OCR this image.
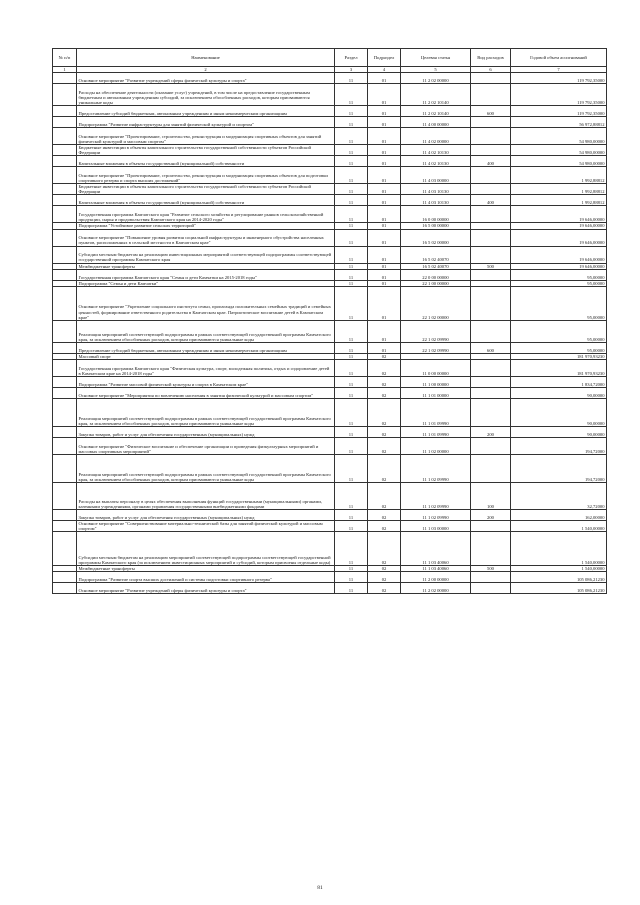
№ п/п	Наименование	Раздел	Подраздел	Целевая статья	Вид расходов	Годовой объем ассигнований
1	2	3	4	5	6	7
	Основное мероприятие "Развитие учреждений сферы физической культуры и спорта"	11	01	11 2 02 00000		119 792,35000
	Расходы на обеспечение деятельности (оказание услуг) учреждений, в том числе на предоставление государственным бюджетным и автономным учреждениям субсидий, за исключением обособленных расходов, которым присваиваются уникальные коды	11	01	11 2 02 10140		119 792,35000
	Предоставление субсидий бюджетным, автономным учреждениям и иным некоммерческим организациям	11	01	11 2 02 10140	600	119 792,35000
	Подпрограмма "Развитие инфраструктуры для занятий физической культурой и спортом"	11	01	11 4 00 00000		56 972,88812
	Основное мероприятие "Проектирование, строительство, реконструкция и модернизация спортивных объектов для занятий физической культурой и массовым спортом"	11	01	11 4 02 00000		54 980,00000
	Бюджетные инвестиции в объекты капитального строительства государственной собственности субъектов Российской Федерации	11	01	11 4 02 10130		54 980,00000
	Капитальные вложения в объекты государственной (муниципальной) собственности	11	01	11 4 02 10130	400	54 980,00000
	Основное мероприятие "Проектирование, строительство, реконструкция и модернизация спортивных объектов для подготовки спортивного резерва и спорта высших достижений"	11	01	11 4 03 00000		1 992,88812
	Бюджетные инвестиции в объекты капитального строительства государственной собственности субъектов Российской Федерации	11	01	11 4 03 10130		1 992,88812
	Капитальные вложения в объекты государственной (муниципальной) собственности	11	01	11 4 03 10130	400	1 992,88812
	Государственная программа Камчатского края "Развитие сельского хозяйства и регулирование рынков сельскохозяйственной продукции, сырья и продовольствия Камчатского края на 2014-2020 годы"	11	01	16 0 00 00000		19 646,00000
	Подпрограмма "Устойчивое развитие сельских территорий"	11	01	16 5 00 00000		19 646,00000
	Основное мероприятие "Повышение уровня развития социальной инфраструктуры и инженерного обустройства населенных пунктов, расположенных в сельской местности в Камчатском крае"	11	01	16 5 02 00000		19 646,00000
	Субсидии местным бюджетам на реализацию инвестиционных мероприятий соответствующей подпрограммы соответствующей государственной программы Камчатского края	11	01	16 5 02 40070		19 646,00000
	Межбюджетные трансферты	11	01	16 5 02 40070	500	19 646,00000
	Государственная программа Камчатского края "Семья и дети Камчатки на 2015-2018 годы"	11	01	22 0 00 00000		95,00000
	Подпрограмма "Семья и дети Камчатки"	11	01	22 1 00 00000		95,00000
	Основное мероприятие "Укрепление социального института семьи, пропаганда положительных семейных традиций и семейных ценностей, формирование ответственного родительства в Камчатском крае. Патриотическое воспитание детей в Камчатском крае"	11	01	22 1 02 00000		95,00000
	Реализация мероприятий соответствующей подпрограммы в рамках соответствующей государственной программы Камчатского края, за исключением обособленных расходов, которым присваиваются уникальные коды	11	01	22 1 02 09990		95,00000
	Предоставление субсидий бюджетным, автономным учреждениям и иным некоммерческим организациям	11	01	22 1 02 09990	600	95,00000
	Массовый спорт	11	02			181 970,93230
	Государственная программа Камчатского края "Физическая культура, спорт, молодежная политика, отдых и оздоровление детей в Камчатском крае на 2014-2018 годы"	11	02	11 0 00 00000		181 970,93230
	Подпрограмма "Развитие массовой физической культуры и спорта в Камчатском крае"	11	02	11 1 00 00000		1 834,72000
	Основное мероприятие "Мероприятия по вовлечению населения в занятия физической культурой и массовым спортом"	11	02	11 1 01 00000		90,00000
	Реализация мероприятий соответствующей подпрограммы в рамках соответствующей государственной программы Камчатского края, за исключением обособленных расходов, которым присваиваются уникальные коды	11	02	11 1 01 09990		90,00000
	Закупка товаров, работ и услуг для обеспечения государственных (муниципальных) нужд	11	02	11 1 01 09990	200	90,00000
	Основное мероприятие "Физическое воспитание и обеспечение организации и проведения физкультурных мероприятий и массовых спортивных мероприятий"	11	02	11 1 02 00000		194,72000
	Реализация мероприятий соответствующей подпрограммы в рамках соответствующей государственной программы Камчатского края, за исключением обособленных расходов, которым присваиваются уникальные коды	11	02	11 1 02 09990		194,72000
	Расходы на выплаты персоналу в целях обеспечения выполнения функций государственными (муниципальными) органами, казенными учреждениями, органами управления государственными внебюджетными фондами	11	02	11 1 02 09990	100	32,72000
	Закупка товаров, работ и услуг для обеспечения государственных (муниципальных) нужд	11	02	11 1 02 09990	200	162,00000
	Основное мероприятие "Совершенствование материально-технической базы для занятий физической культурой и массовым спортом"	11	02	11 1 03 00000		1 540,00000
	Субсидии местным бюджетам на реализацию мероприятий соответствующей подпрограммы соответствующей государственной программы Камчатского края (за исключением инвестиционных мероприятий и субсидий, которым присвоены отдельные коды)	11	02	11 1 03 40060		1 540,00000
	Межбюджетные трансферты	11	02	11 1 03 40060	500	1 540,00000
	Подпрограмма "Развитие спорта высших достижений и системы подготовки спортивного резерва"	11	02	11 2 00 00000		105 086,21230
	Основное мероприятие "Развитие учреждений сферы физической культуры и спорта"	11	02	11 2 02 00000		105 086,21230
81
